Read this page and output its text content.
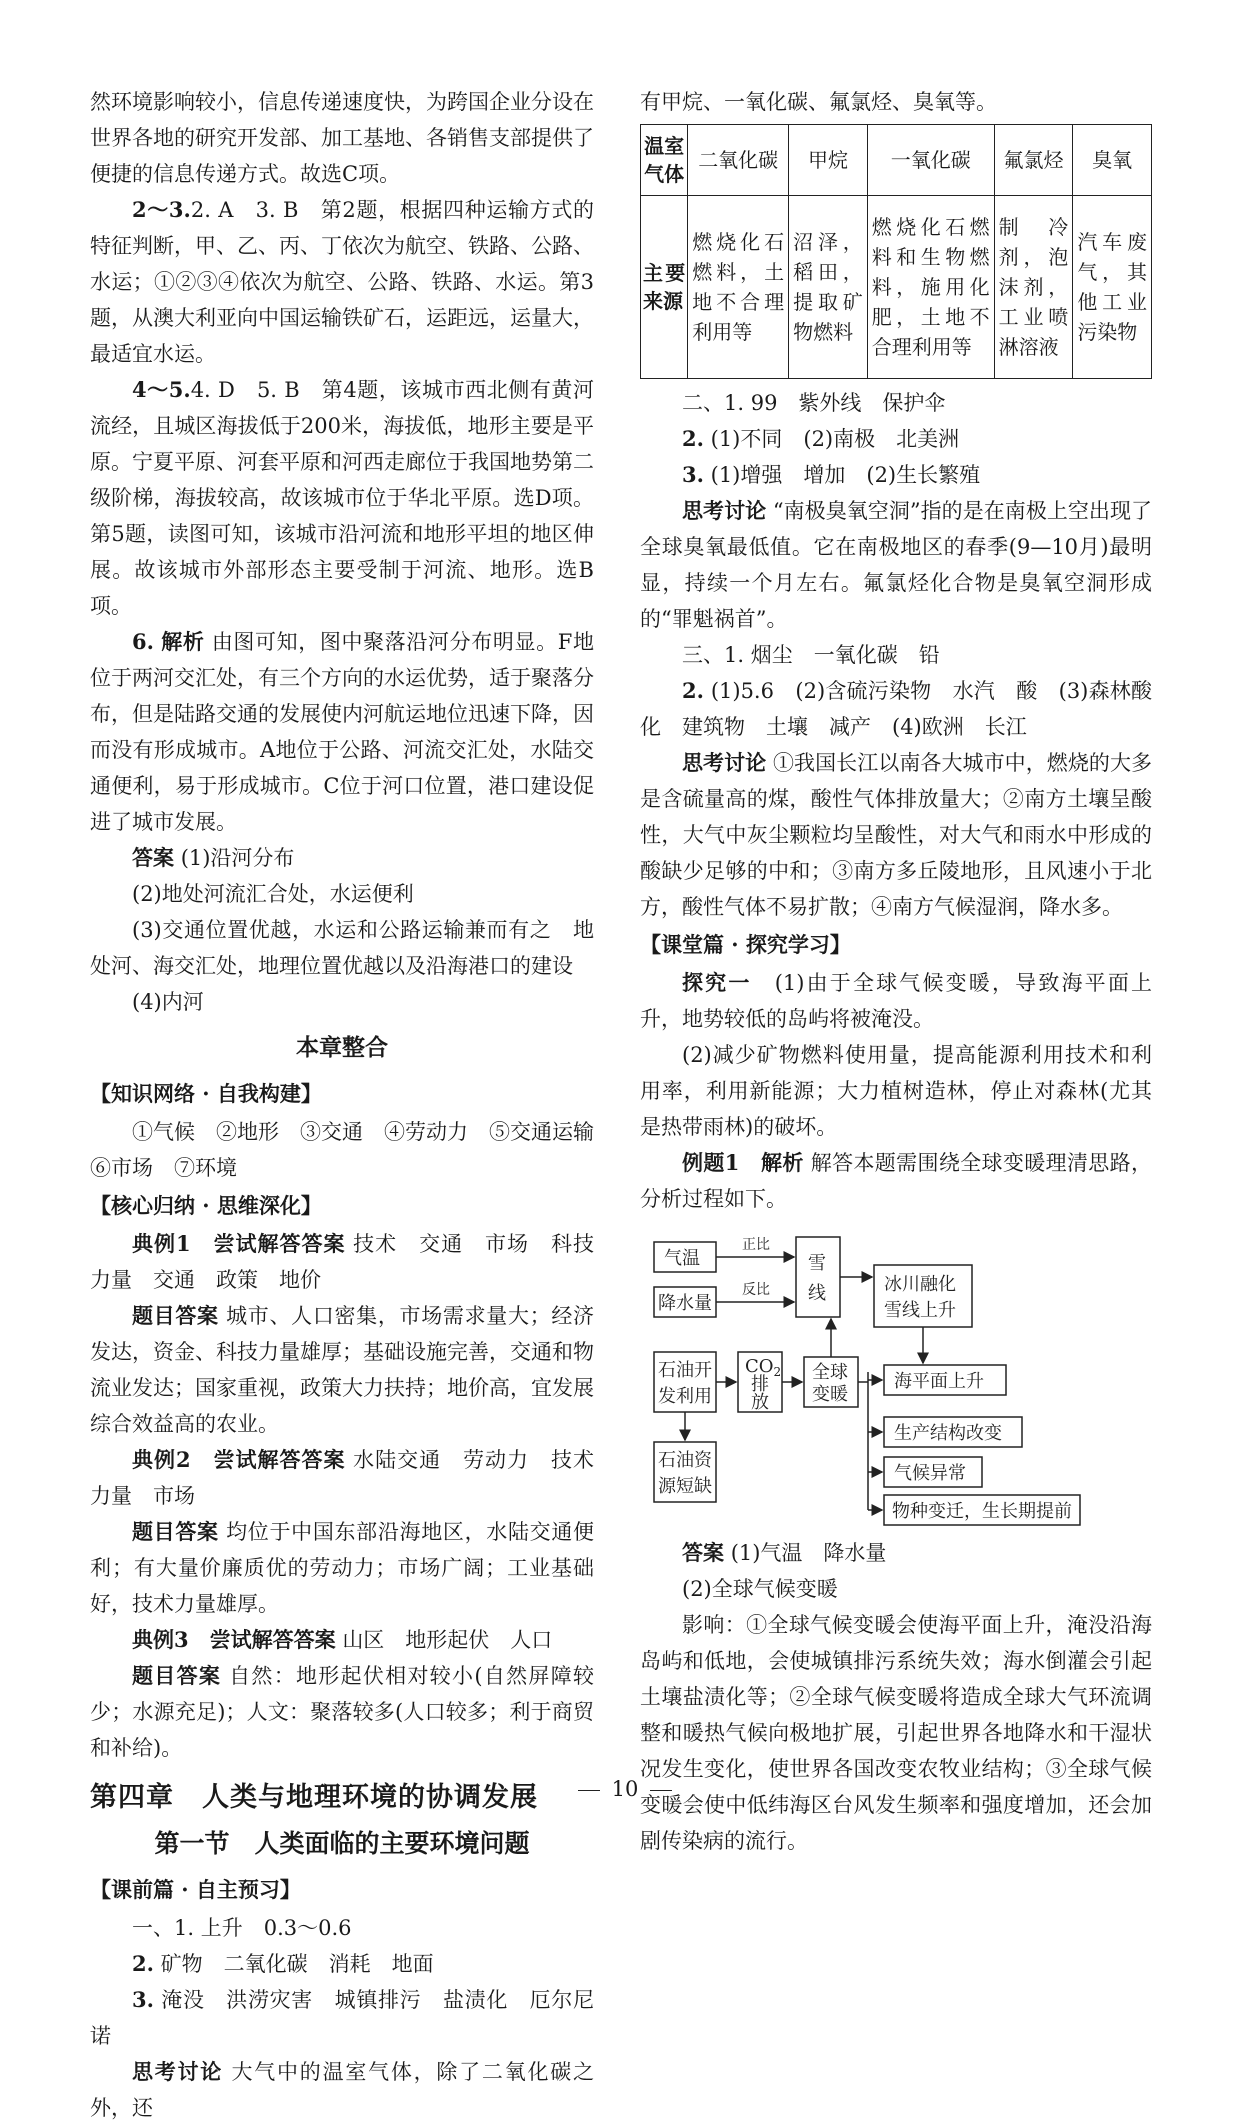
然环境影响较小，信息传递速度快，为跨国企业分设在世界各地的研究开发部、加工基地、各销售支部提供了便捷的信息传递方式。故选C项。

2～3.2. A　3. B　第2题，根据四种运输方式的特征判断，甲、乙、丙、丁依次为航空、铁路、公路、水运；①②③④依次为航空、公路、铁路、水运。第3题，从澳大利亚向中国运输铁矿石，运距远，运量大，最适宜水运。

4～5.4. D　5. B　第4题，该城市西北侧有黄河流经，且城区海拔低于200米，海拔低，地形主要是平原。宁夏平原、河套平原和河西走廊位于我国地势第二级阶梯，海拔较高，故该城市位于华北平原。选D项。第5题，读图可知，该城市沿河流和地形平坦的地区伸展。故该城市外部形态主要受制于河流、地形。选B项。

6. 解析 由图可知，图中聚落沿河分布明显。F地位于两河交汇处，有三个方向的水运优势，适于聚落分布，但是陆路交通的发展使内河航运地位迅速下降，因而没有形成城市。A地位于公路、河流交汇处，水陆交通便利，易于形成城市。C位于河口位置，港口建设促进了城市发展。

答案 (1)沿河分布

(2)地处河流汇合处，水运便利

(3)交通位置优越，水运和公路运输兼而有之　地处河、海交汇处，地理位置优越以及沿海港口的建设

(4)内河

本章整合

【知识网络 · 自我构建】

①气候　②地形　③交通　④劳动力　⑤交通运输

⑥市场　⑦环境

【核心归纳 · 思维深化】

典例1　尝试解答答案 技术　交通　市场　科技力量　交通　政策　地价

题目答案 城市、人口密集，市场需求量大；经济发达，资金、科技力量雄厚；基础设施完善，交通和物流业发达；国家重视，政策大力扶持；地价高，宜发展综合效益高的农业。

典例2　尝试解答答案 水陆交通　劳动力　技术力量　市场

题目答案 均位于中国东部沿海地区，水陆交通便利；有大量价廉质优的劳动力；市场广阔；工业基础好，技术力量雄厚。

典例3　尝试解答答案 山区　地形起伏　人口

题目答案 自然：地形起伏相对较小(自然屏障较少；水源充足)；人文：聚落较多(人口较多；利于商贸和补给)。

第四章　人类与地理环境的协调发展

第一节　人类面临的主要环境问题

【课前篇 · 自主预习】

一、1. 上升　0.3～0.6

2. 矿物　二氧化碳　消耗　地面

3. 淹没　洪涝灾害　城镇排污　盐渍化　厄尔尼诺

思考讨论 大气中的温室气体，除了二氧化碳之外，还

有甲烷、一氧化碳、氟氯烃、臭氧等。

温室气体	二氧化碳	甲烷	一氧化碳	氟氯烃	臭氧
主要来源	燃烧化石燃料，土地不合理利用等	沼泽，稻田，提取矿物燃料	燃烧化石燃料和生物燃料，施用化肥，土地不合理利用等	制冷剂，泡沫剂，工业喷淋溶液	汽车废气，其他工业污染物

二、1. 99　紫外线　保护伞

2. (1)不同　(2)南极　北美洲

3. (1)增强　增加　(2)生长繁殖

思考讨论 “南极臭氧空洞”指的是在南极上空出现了全球臭氧最低值。它在南极地区的春季(9—10月)最明显，持续一个月左右。氟氯烃化合物是臭氧空洞形成的“罪魁祸首”。

三、1. 烟尘　一氧化碳　铅

2. (1)5.6　(2)含硫污染物　水汽　酸　(3)森林酸化　建筑物　土壤　减产　(4)欧洲　长江

思考讨论 ①我国长江以南各大城市中，燃烧的大多是含硫量高的煤，酸性气体排放量大；②南方土壤呈酸性，大气中灰尘颗粒均呈酸性，对大气和雨水中形成的酸缺少足够的中和；③南方多丘陵地形，且风速小于北方，酸性气体不易扩散；④南方气候湿润，降水多。

【课堂篇 · 探究学习】

探究一　 (1)由于全球气候变暖，导致海平面上升，地势较低的岛屿将被淹没。

(2)减少矿物燃料使用量，提高能源利用技术和利用率，利用新能源；大力植树造林，停止对森林(尤其是热带雨林)的破坏。

例题1　解析 解答本题需围绕全球变暖理清思路，分析过程如下。

气温
降水量
正比
反比
雪
线	冰川融化
雪线上升
石油开
发利用
$CO_2$
排
放
全球
变暖
海平面上升
生产结构改变
气候异常
石油资
源短缺
物种变迁，生长期提前

答案 (1)气温　降水量

(2)全球气候变暖

影响：①全球气候变暖会使海平面上升，淹没沿海岛屿和低地，会使城镇排污系统失效；海水倒灌会引起土壤盐渍化等；②全球气候变暖将造成全球大气环流调整和暖热气候向极地扩展，引起世界各地降水和干湿状况发生变化，使世界各国改变农牧业结构；③全球气候变暖会使中低纬海区台风发生频率和强度增加，还会加剧传染病的流行。

10
